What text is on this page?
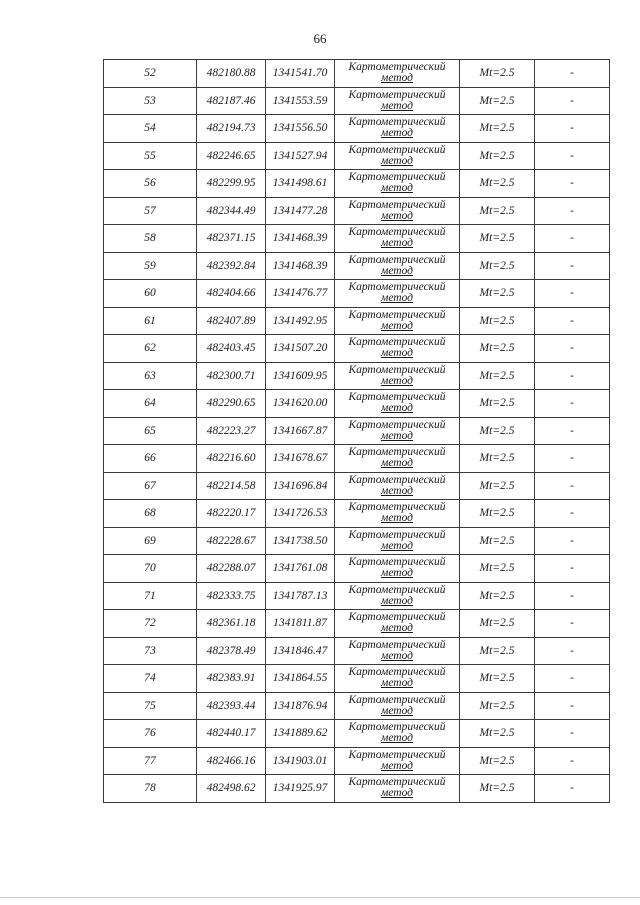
66
52	482180.88	1341541.70	Картометрический
метод	Mt=2.5	-
53	482187.46	1341553.59	Картометрический
метод	Mt=2.5	-
54	482194.73	1341556.50	Картометрический
метод	Mt=2.5	-
55	482246.65	1341527.94	Картометрический
метод	Mt=2.5	-
56	482299.95	1341498.61	Картометрический
метод	Mt=2.5	-
57	482344.49	1341477.28	Картометрический
метод	Mt=2.5	-
58	482371.15	1341468.39	Картометрический
метод	Mt=2.5	-
59	482392.84	1341468.39	Картометрический
метод	Mt=2.5	-
60	482404.66	1341476.77	Картометрический
метод	Mt=2.5	-
61	482407.89	1341492.95	Картометрический
метод	Mt=2.5	-
62	482403.45	1341507.20	Картометрический
метод	Mt=2.5	-
63	482300.71	1341609.95	Картометрический
метод	Mt=2.5	-
64	482290.65	1341620.00	Картометрический
метод	Mt=2.5	-
65	482223.27	1341667.87	Картометрический
метод	Mt=2.5	-
66	482216.60	1341678.67	Картометрический
метод	Mt=2.5	-
67	482214.58	1341696.84	Картометрический
метод	Mt=2.5	-
68	482220.17	1341726.53	Картометрический
метод	Mt=2.5	-
69	482228.67	1341738.50	Картометрический
метод	Mt=2.5	-
70	482288.07	1341761.08	Картометрический
метод	Mt=2.5	-
71	482333.75	1341787.13	Картометрический
метод	Mt=2.5	-
72	482361.18	1341811.87	Картометрический
метод	Mt=2.5	-
73	482378.49	1341846.47	Картометрический
метод	Mt=2.5	-
74	482383.91	1341864.55	Картометрический
метод	Mt=2.5	-
75	482393.44	1341876.94	Картометрический
метод	Mt=2.5	-
76	482440.17	1341889.62	Картометрический
метод	Mt=2.5	-
77	482466.16	1341903.01	Картометрический
метод	Mt=2.5	-
78	482498.62	1341925.97	Картометрический
метод	Mt=2.5	-
